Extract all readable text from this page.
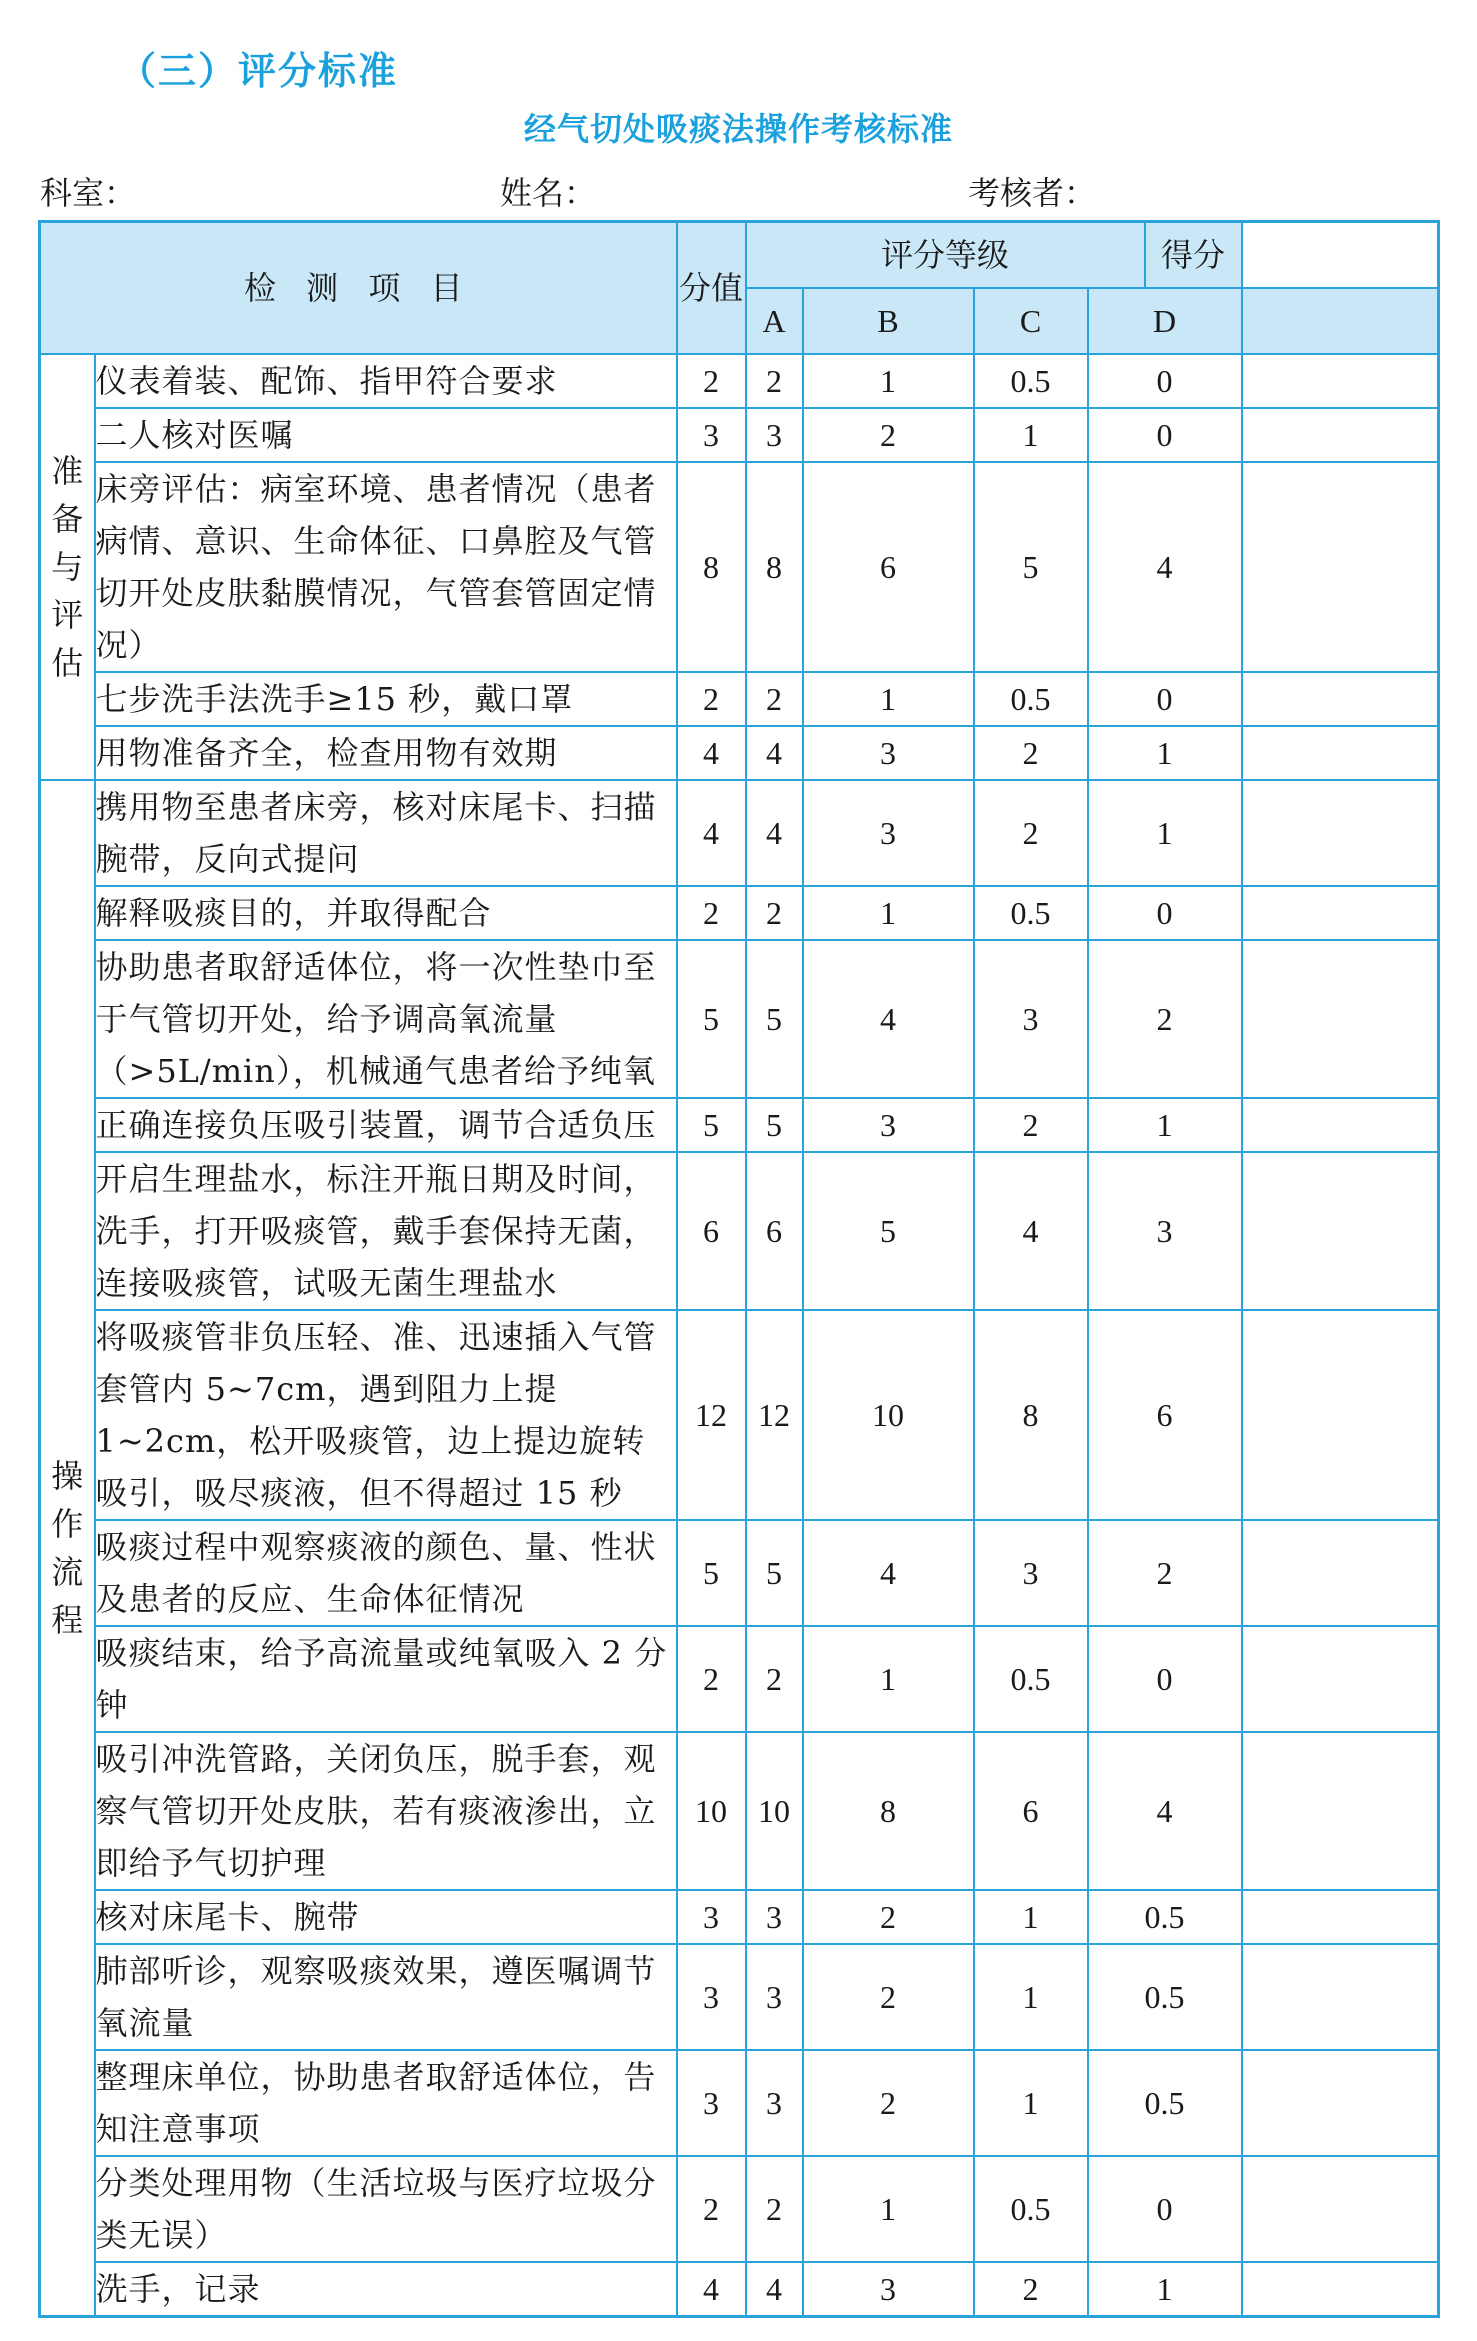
（三）评分标准
经气切处吸痰法操作考核标准
科室：	姓名：	考核者：
检 测 项 目		分值	评分等级				得分	
			A	B	C	D		

准备与评估	仪表着装、配饰、指甲符合要求	2	2	1	0.5	0		
	二人核对医嘱	3	3	2	1	0		
	床旁评估：病室环境、患者情况（患者病情、意识、生命体征、口鼻腔及气管切开处皮肤黏膜情况，气管套管固定情况）	8	8	6	5	4		
	七步洗手法洗手≥15 秒，戴口罩	2	2	1	0.5	0		
	用物准备齐全，检查用物有效期	4	4	3	2	1		

操作流程	携用物至患者床旁，核对床尾卡、扫描腕带，反向式提问	4	4	3	2	1		
	解释吸痰目的，并取得配合	2	2	1	0.5	0		
	协助患者取舒适体位，将一次性垫巾至于气管切开处，给予调高氧流量（>5L/min），机械通气患者给予纯氧	5	5	4	3	2		
	正确连接负压吸引装置，调节合适负压	5	5	3	2	1		
	开启生理盐水，标注开瓶日期及时间，洗手，打开吸痰管，戴手套保持无菌，连接吸痰管，试吸无菌生理盐水	6	6	5	4	3		
	将吸痰管非负压轻、准、迅速插入气管套管内 5~7cm，遇到阻力上提 1~2cm，松开吸痰管，边上提边旋转吸引，吸尽痰液，但不得超过 15 秒	12	12	10	8	6		
	吸痰过程中观察痰液的颜色、量、性状及患者的反应、生命体征情况	5	5	4	3	2		
	吸痰结束，给予高流量或纯氧吸入 2 分钟	2	2	1	0.5	0		
	吸引冲洗管路，关闭负压，脱手套，观察气管切开处皮肤，若有痰液渗出，立即给予气切护理	10	10	8	6	4		
	核对床尾卡、腕带	3	3	2	1	0.5		
	肺部听诊，观察吸痰效果，遵医嘱调节氧流量	3	3	2	1	0.5		
	整理床单位，协助患者取舒适体位，告知注意事项	3	3	2	1	0.5		
	分类处理用物（生活垃圾与医疗垃圾分类无误）	2	2	1	0.5	0		
	洗手，记录	4	4	3	2	1		
